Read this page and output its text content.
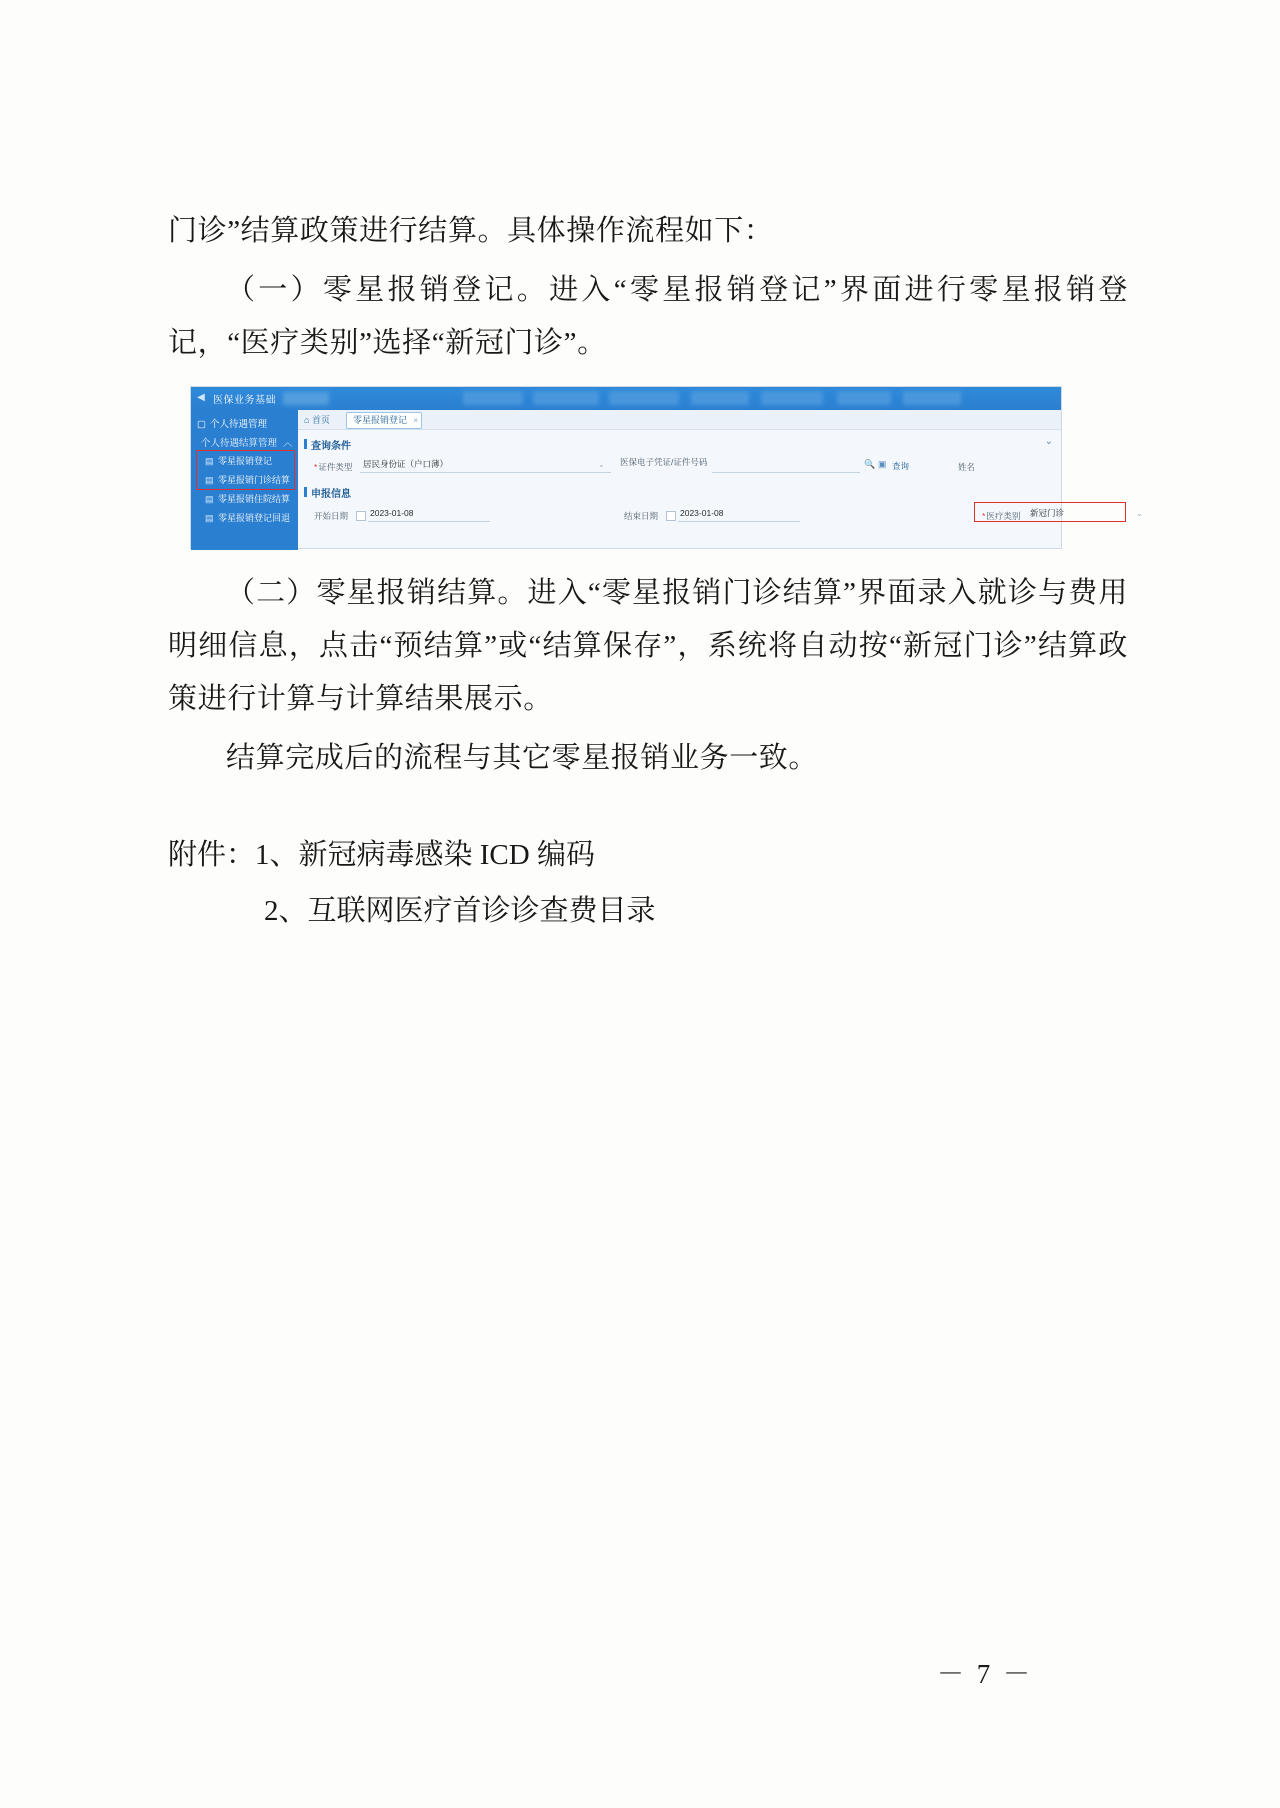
门诊”结算政策进行结算。具体操作流程如下：

（一）零星报销登记。进入“零星报销登记”界面进行零星报销登记，“医疗类别”选择“新冠门诊”。

◀ 医保业务基础
▢ 个人待遇管理
个人待遇结算管理 ︿
▤ 零星报销登记
▤ 零星报销门诊结算
▤ 零星报销住院结算
▤ 零星报销登记回退
⌂ 首页	零星报销登记 ×
查询条件	⌄
*证件类型	居民身份证（户口薄）	⌄ 医保电子凭证/证件号码	🔍 ▣ 查询	姓名
申报信息
开始日期	2023-01-08	结束日期	2023-01-08	*医疗类别 新冠门诊	⌄

（二）零星报销结算。进入“零星报销门诊结算”界面录入就诊与费用明细信息，点击“预结算”或“结算保存”，系统将自动按“新冠门诊”结算政策进行计算与计算结果展示。

结算完成后的流程与其它零星报销业务一致。

附件：1、新冠病毒感染 ICD 编码
2、互联网医疗首诊诊查费目录
－ 7 －
